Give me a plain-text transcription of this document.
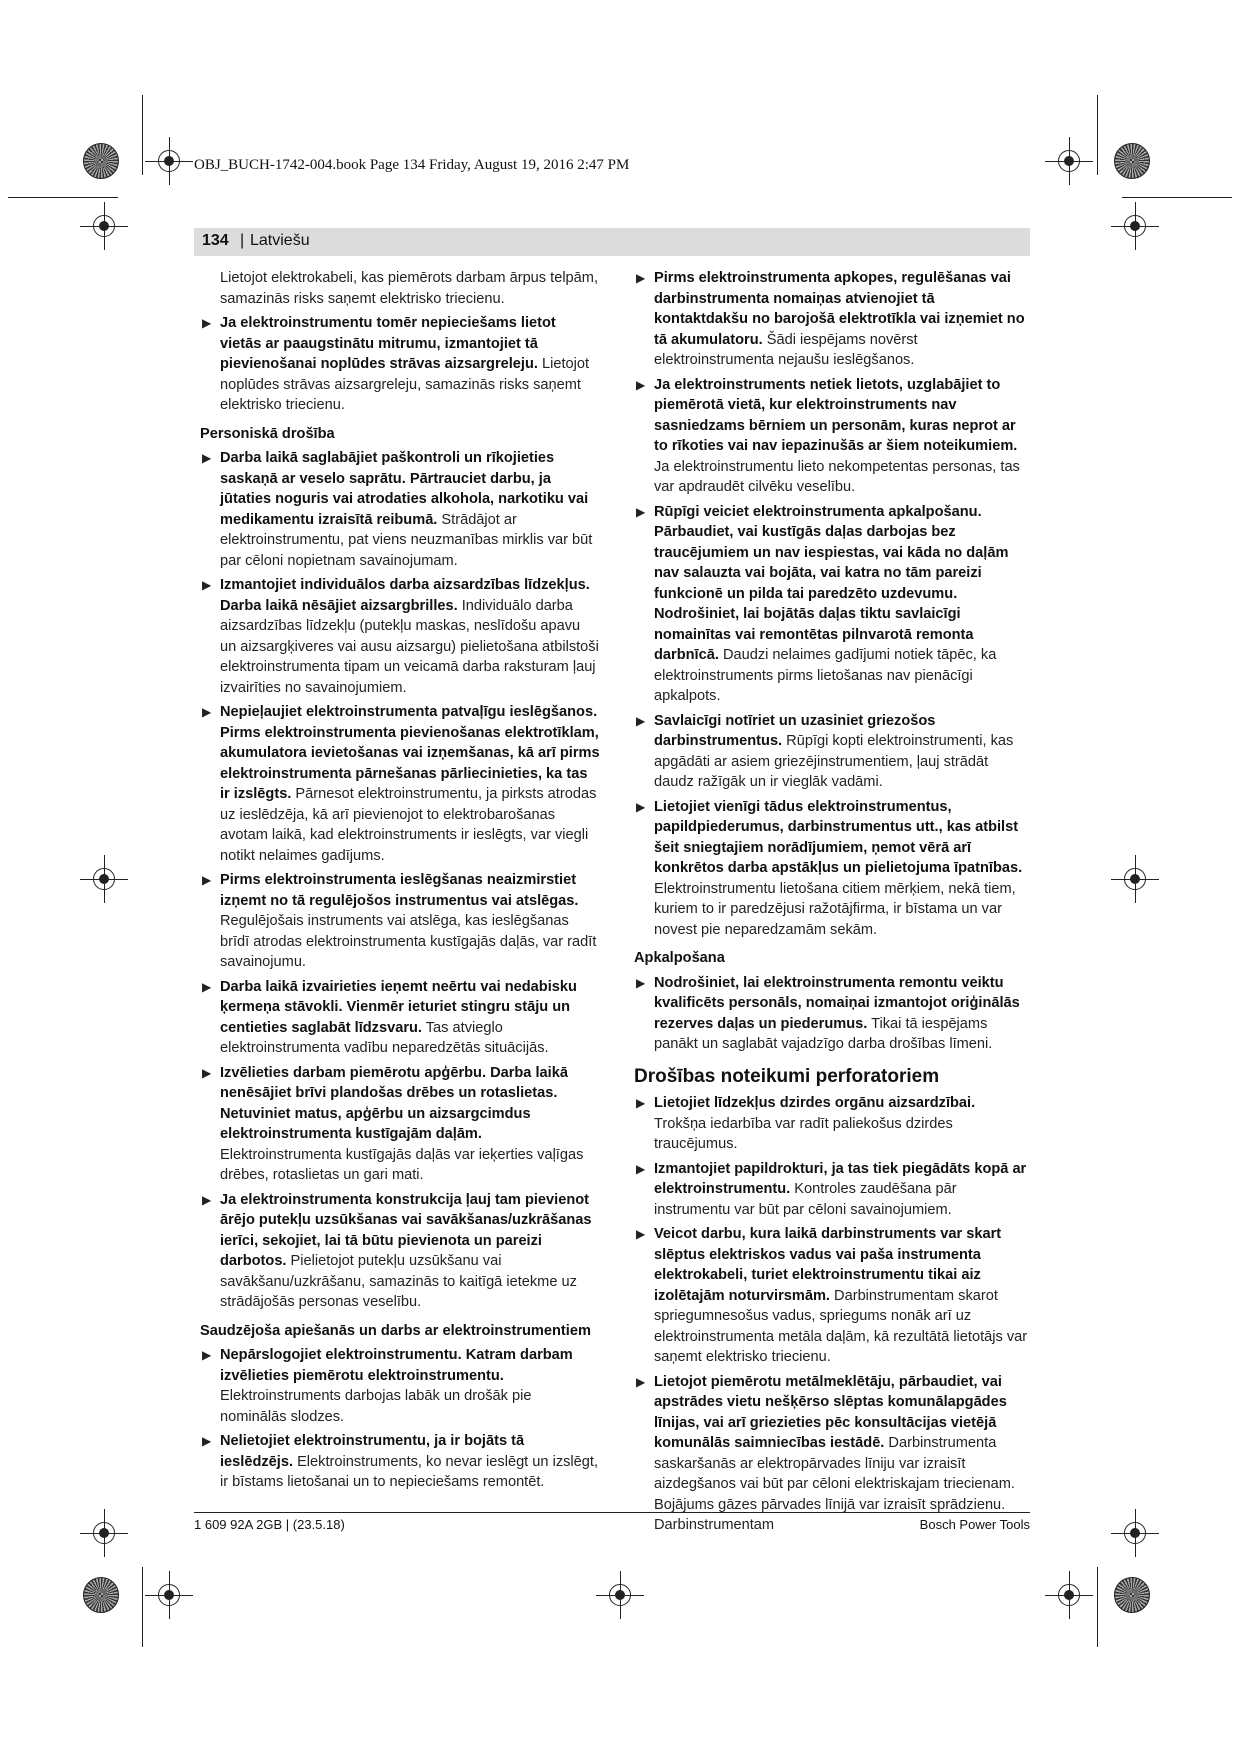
OBJ_BUCH-1742-004.book Page 134 Friday, August 19, 2016 2:47 PM
134 | Latviešu

Lietojot elektrokabeli, kas piemērots darbam ārpus telpām, samazinās risks saņemt elektrisko triecienu.

▶ Ja elektroinstrumentu tomēr nepieciešams lietot vietās ar paaugstinātu mitrumu, izmantojiet tā pievienošanai noplūdes strāvas aizsargreleju. Lietojot noplūdes strāvas aizsargreleju, samazinās risks saņemt elektrisko triecienu.
Personiskā drošība
▶ Darba laikā saglabājiet paškontroli un rīkojieties saskaņā ar veselo saprātu. Pārtrauciet darbu, ja jūtaties noguris vai atrodaties alkohola, narkotiku vai medikamentu izraisītā reibumā. Strādājot ar elektroinstrumentu, pat viens neuzmanības mirklis var būt par cēloni nopietnam savainojumam.
▶ Izmantojiet individuālos darba aizsardzības līdzekļus. Darba laikā nēsājiet aizsargbrilles. Individuālo darba aizsardzības līdzekļu (putekļu maskas, neslīdošu apavu un aizsargķiveres vai ausu aizsargu) pielietošana atbilstoši elektroinstrumenta tipam un veicamā darba raksturam ļauj izvairīties no savainojumiem.
▶ Nepieļaujiet elektroinstrumenta patvaļīgu ieslēgšanos. Pirms elektroinstrumenta pievienošanas elektrotīklam, akumulatora ievietošanas vai izņemšanas, kā arī pirms elektroinstrumenta pārnešanas pārliecinieties, ka tas ir izslēgts. Pārnesot elektroinstrumentu, ja pirksts atrodas uz ieslēdzēja, kā arī pievienojot to elektrobarošanas avotam laikā, kad elektroinstruments ir ieslēgts, var viegli notikt nelaimes gadījums.
▶ Pirms elektroinstrumenta ieslēgšanas neaizmirstiet izņemt no tā regulējošos instrumentus vai atslēgas. Regulējošais instruments vai atslēga, kas ieslēgšanas brīdī atrodas elektroinstrumenta kustīgajās daļās, var radīt savainojumu.
▶ Darba laikā izvairieties ieņemt neērtu vai nedabisku ķermeņa stāvokli. Vienmēr ieturiet stingru stāju un centieties saglabāt līdzsvaru. Tas atvieglo elektroinstrumenta vadību neparedzētās situācijās.
▶ Izvēlieties darbam piemērotu apģērbu. Darba laikā nenēsājiet brīvi plandošas drēbes un rotaslietas. Netuviniet matus, apģērbu un aizsargcimdus elektroinstrumenta kustīgajām daļām. Elektroinstrumenta kustīgajās daļās var ieķerties vaļīgas drēbes, rotaslietas un gari mati.
▶ Ja elektroinstrumenta konstrukcija ļauj tam pievienot ārējo putekļu uzsūkšanas vai savākšanas/uzkrāšanas ierīci, sekojiet, lai tā būtu pievienota un pareizi darbotos. Pielietojot putekļu uzsūkšanu vai savākšanu/uzkrāšanu, samazinās to kaitīgā ietekme uz strādājošās personas veselību.
Saudzējoša apiešanās un darbs ar elektroinstrumentiem
▶ Nepārslogojiet elektroinstrumentu. Katram darbam izvēlieties piemērotu elektroinstrumentu. Elektroinstruments darbojas labāk un drošāk pie nominālās slodzes.
▶ Nelietojiet elektroinstrumentu, ja ir bojāts tā ieslēdzējs. Elektroinstruments, ko nevar ieslēgt un izslēgt, ir bīstams lietošanai un to nepieciešams remontēt.
▶ Pirms elektroinstrumenta apkopes, regulēšanas vai darbinstrumenta nomaiņas atvienojiet tā kontaktdakšu no barojošā elektrotīkla vai izņemiet no tā akumulatoru. Šādi iespējams novērst elektroinstrumenta nejaušu ieslēgšanos.
▶ Ja elektroinstruments netiek lietots, uzglabājiet to piemērotā vietā, kur elektroinstruments nav sasniedzams bērniem un personām, kuras neprot ar to rīkoties vai nav iepazinušās ar šiem noteikumiem. Ja elektroinstrumentu lieto nekompetentas personas, tas var apdraudēt cilvēku veselību.
▶ Rūpīgi veiciet elektroinstrumenta apkalpošanu. Pārbaudiet, vai kustīgās daļas darbojas bez traucējumiem un nav iespiestas, vai kāda no daļām nav salauzta vai bojāta, vai katra no tām pareizi funkcionē un pilda tai paredzēto uzdevumu. Nodrošiniet, lai bojātās daļas tiktu savlaicīgi nomainītas vai remontētas pilnvarotā remonta darbnīcā. Daudzi nelaimes gadījumi notiek tāpēc, ka elektroinstruments pirms lietošanas nav pienācīgi apkalpots.
▶ Savlaicīgi notīriet un uzasiniet griezošos darbinstrumentus. Rūpīgi kopti elektroinstrumenti, kas apgādāti ar asiem griezējinstrumentiem, ļauj strādāt daudz ražīgāk un ir vieglāk vadāmi.
▶ Lietojiet vienīgi tādus elektroinstrumentus, papildpiederumus, darbinstrumentus utt., kas atbilst šeit sniegtajiem norādījumiem, ņemot vērā arī konkrētos darba apstākļus un pielietojuma īpatnības. Elektroinstrumentu lietošana citiem mērķiem, nekā tiem, kuriem to ir paredzējusi ražotājfirma, ir bīstama un var novest pie neparedzamām sekām.
Apkalpošana
▶ Nodrošiniet, lai elektroinstrumenta remontu veiktu kvalificēts personāls, nomaiņai izmantojot oriģinālās rezerves daļas un piederumus. Tikai tā iespējams panākt un saglabāt vajadzīgo darba drošības līmeni.
Drošības noteikumi perforatoriem
▶ Lietojiet līdzekļus dzirdes orgānu aizsardzībai. Trokšņa iedarbība var radīt paliekošus dzirdes traucējumus.
▶ Izmantojiet papildrokturi, ja tas tiek piegādāts kopā ar elektroinstrumentu. Kontroles zaudēšana pār instrumentu var būt par cēloni savainojumiem.
▶ Veicot darbu, kura laikā darbinstruments var skart slēptus elektriskos vadus vai paša instrumenta elektrokabeli, turiet elektroinstrumentu tikai aiz izolētajām noturvirsmām. Darbinstrumentam skarot spriegumnesošus vadus, spriegums nonāk arī uz elektroinstrumenta metāla daļām, kā rezultātā lietotājs var saņemt elektrisko triecienu.
▶ Lietojot piemērotu metālmeklētāju, pārbaudiet, vai apstrādes vietu nešķērso slēptas komunālapgādes līnijas, vai arī griezieties pēc konsultācijas vietējā komunālās saimniecības iestādē. Darbinstrumenta saskaršanās ar elektropārvades līniju var izraisīt aizdegšanos vai būt par cēloni elektriskajam triecienam. Bojājums gāzes pārvades līnijā var izraisīt sprādzienu. Darbinstrumentam
1 609 92A 2GB | (23.5.18)	Bosch Power Tools
